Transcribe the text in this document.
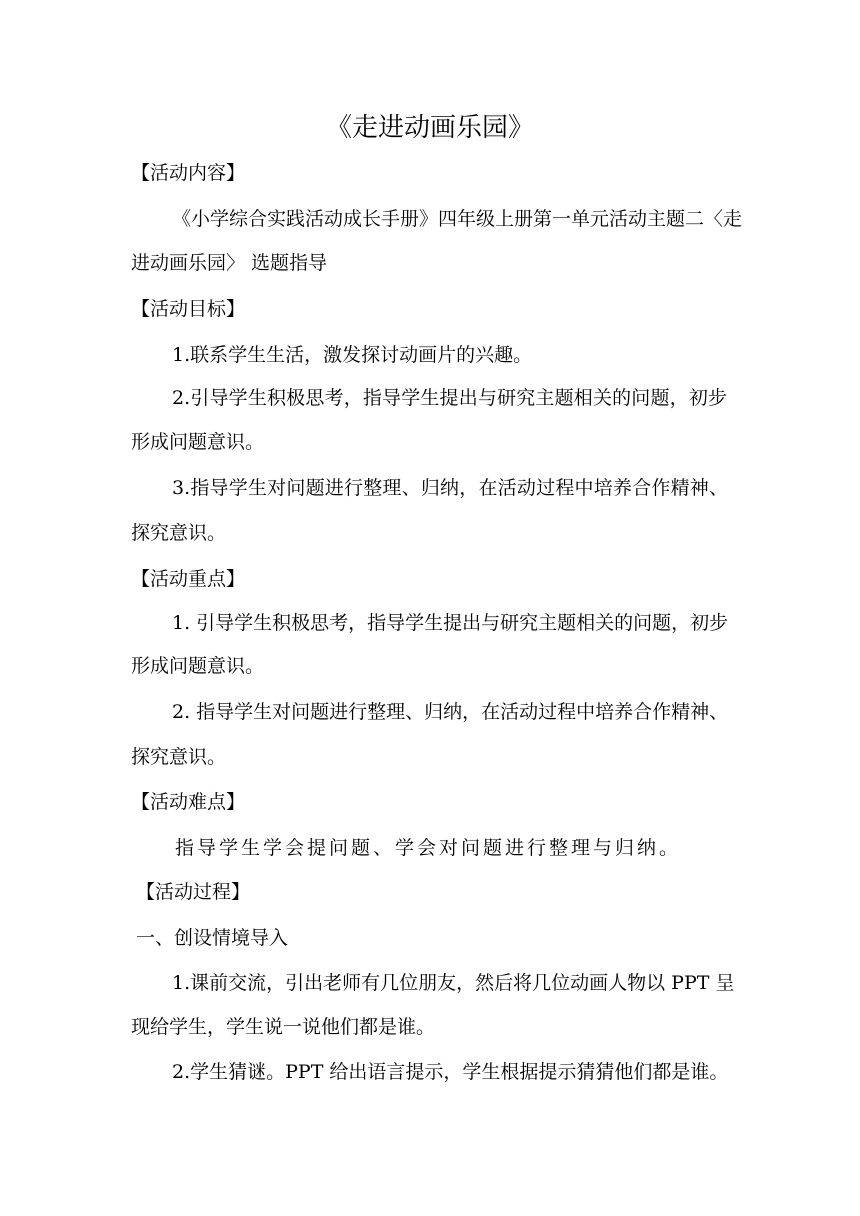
《走进动画乐园》
【活动内容】
《小学综合实践活动成长手册》四年级上册第一单元活动主题二〈走
进动画乐园〉 选题指导
【活动目标】
1.联系学生生活，激发探讨动画片的兴趣。
2.引导学生积极思考，指导学生提出与研究主题相关的问题，初步
形成问题意识。
3.指导学生对问题进行整理、归纳，在活动过程中培养合作精神、
探究意识。
【活动重点】
1. 引导学生积极思考，指导学生提出与研究主题相关的问题，初步
形成问题意识。
2. 指导学生对问题进行整理、归纳，在活动过程中培养合作精神、
探究意识。
【活动难点】
指导学生学会提问题、学会对问题进行整理与归纳。
【活动过程】
一、创设情境导入
1.课前交流，引出老师有几位朋友，然后将几位动画人物以 PPT 呈
现给学生，学生说一说他们都是谁。
2.学生猜谜。PPT 给出语言提示，学生根据提示猜猜他们都是谁。
